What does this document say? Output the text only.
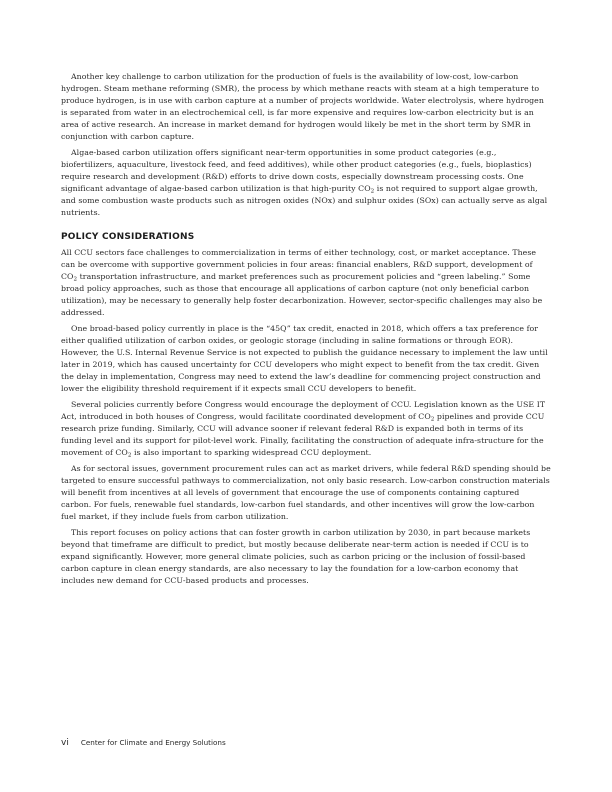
Another key challenge to carbon utilization for the production of fuels is the availability of low-cost, low-carbon hydrogen. Steam methane reforming (SMR), the process by which methane reacts with steam at a high temperature to produce hydrogen, is in use with carbon capture at a number of projects worldwide. Water electrolysis, where hydrogen is separated from water in an electrochemical cell, is far more expensive and requires low-carbon electricity but is an area of active research. An increase in market demand for hydrogen would likely be met in the short term by SMR in conjunction with carbon capture.

Algae-based carbon utilization offers significant near-term opportunities in some product categories (e.g., biofertilizers, aquaculture, livestock feed, and feed additives), while other product categories (e.g., fuels, bioplastics) require research and development (R&D) efforts to drive down costs, especially downstream processing costs. One significant advantage of algae-based carbon utilization is that high-purity $CO_2$ is not required to support algae growth, and some combustion waste products such as nitrogen oxides (NOx) and sulphur oxides (SOx) can actually serve as algal nutrients.

POLICY CONSIDERATIONS

All CCU sectors face challenges to commercialization in terms of either technology, cost, or market acceptance. These can be overcome with supportive government policies in four areas: financial enablers, R&D support, development of $CO_2$ transportation infrastructure, and market preferences such as procurement policies and “green labeling.” Some broad policy approaches, such as those that encourage all applications of carbon capture (not only beneficial carbon utilization), may be necessary to generally help foster decarbonization. However, sector-specific challenges may also be addressed.

One broad-based policy currently in place is the “45Q” tax credit, enacted in 2018, which offers a tax preference for either qualified utilization of carbon oxides, or geologic storage (including in saline formations or through EOR). However, the U.S. Internal Revenue Service is not expected to publish the guidance necessary to implement the law until later in 2019, which has caused uncertainty for CCU developers who might expect to benefit from the tax credit. Given the delay in implementation, Congress may need to extend the law’s deadline for commencing project construction and lower the eligibility threshold requirement if it expects small CCU developers to benefit.

Several policies currently before Congress would encourage the deployment of CCU. Legislation known as the USE IT Act, introduced in both houses of Congress, would facilitate coordinated development of $CO_2$ pipelines and provide CCU research prize funding. Similarly, CCU will advance sooner if relevant federal R&D is expanded both in terms of its funding level and its support for pilot-level work. Finally, facilitating the construction of adequate infra-structure for the movement of $CO_2$ is also important to sparking widespread CCU deployment.

As for sectoral issues, government procurement rules can act as market drivers, while federal R&D spending should be targeted to ensure successful pathways to commercialization, not only basic research. Low-carbon construction materials will benefit from incentives at all levels of government that encourage the use of components containing captured carbon. For fuels, renewable fuel standards, low-carbon fuel standards, and other incentives will grow the low-carbon fuel market, if they include fuels from carbon utilization.

This report focuses on policy actions that can foster growth in carbon utilization by 2030, in part because markets beyond that timeframe are difficult to predict, but mostly because deliberate near-term action is needed if CCU is to expand significantly. However, more general climate policies, such as carbon pricing or the inclusion of fossil-based carbon capture in clean energy standards, are also necessary to lay the foundation for a low-carbon economy that includes new demand for CCU-based products and processes.

vi Center for Climate and Energy Solutions
